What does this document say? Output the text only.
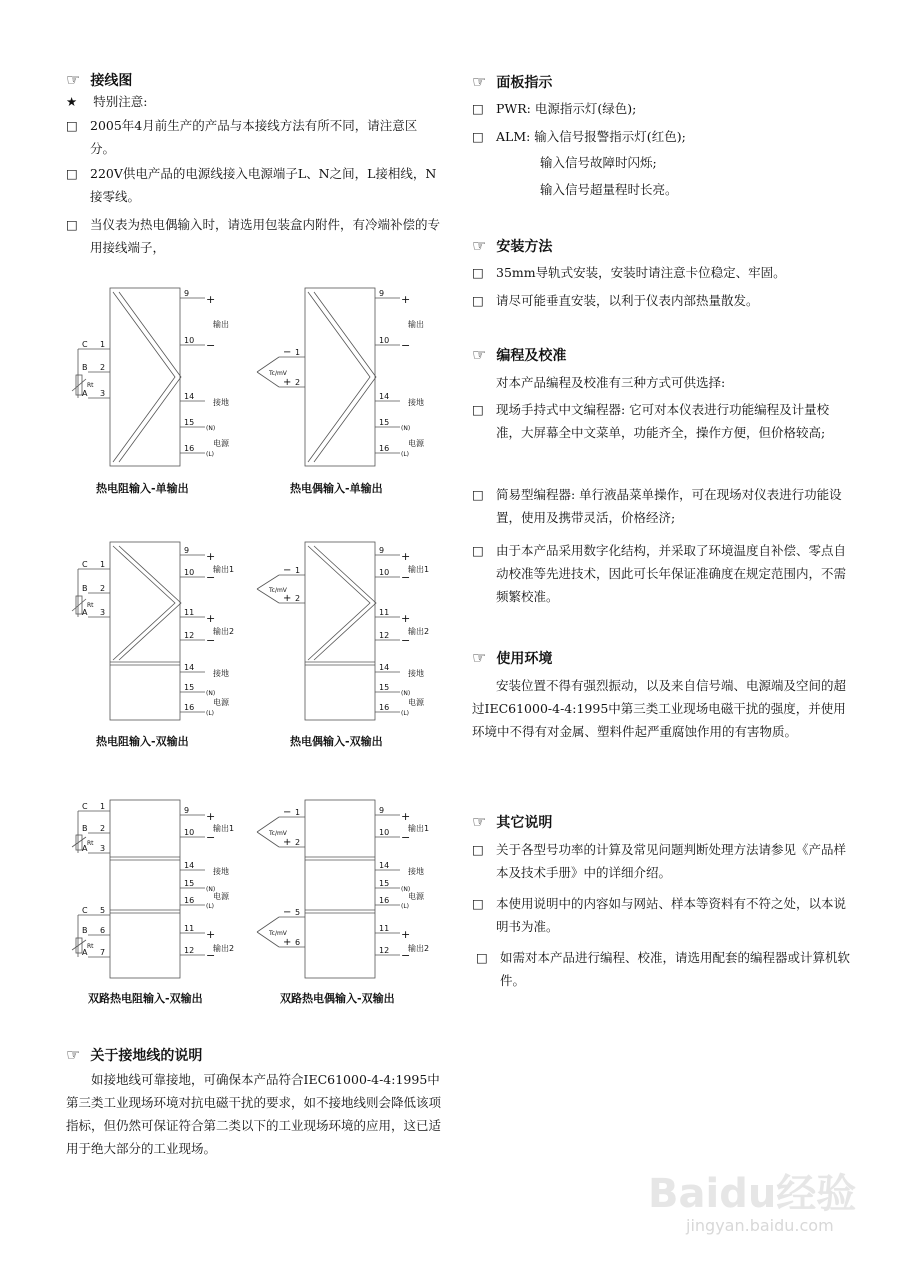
☞ 接线图
★ 特别注意:
□ 2005年4月前生产的产品与本接线方法有所不同，请注意区分。
□ 220V供电产品的电源线接入电源端子L、N之间，L接相线，N接零线。
□ 当仪表为热电偶输入时，请选用包装盒内附件，有冷端补偿的专用接线端子，
C 1
B 2
A 3
Rt
9
10
14
15
16
+
−
输出
接地
(N)
电源
(L)
热电阻输入-单输出
− 1
+ 2
Tc/mV
9
10
14
15
16
+
−
输出
接地
(N)
电源
(L)
热电偶输入-单输出
C 1
B 2
A 3
Rt
9
10
11
12
14
15
16
+
−
输出1
+
−
输出2
接地
(N)
电源
(L)
热电阻输入-双输出
− 1
+ 2
Tc/mV
9
10
11
12
14
15
16
+
−
输出1
+
−
输出2
接地
(N)
电源
(L)
热电偶输入-双输出
C 1
B 2
A 3
Rt
C 5
B 6
A 7
Rt
9
10
14
15
16
11
12
+
−
输出1
接地
(N)
电源
(L)
+
−
输出2
双路热电阻输入-双输出
− 1
+ 2
Tc/mV
− 5
+ 6
Tc/mV
9
10
14
15
16
11
12
+
−
输出1
接地
(N)
电源
(L)
+
−
输出2
双路热电偶输入-双输出
☞ 关于接地线的说明
如接地线可靠接地，可确保本产品符合IEC61000-4-4:1995中第三类工业现场环境对抗电磁干扰的要求，如不接地线则会降低该项指标，但仍然可保证符合第二类以下的工业现场环境的应用，这已适用于绝大部分的工业现场。
☞ 面板指示
□ PWR: 电源指示灯(绿色);
□ ALM: 输入信号报警指示灯(红色);
输入信号故障时闪烁;
输入信号超量程时长亮。
☞ 安装方法
□ 35mm导轨式安装，安装时请注意卡位稳定、牢固。
□ 请尽可能垂直安装，以利于仪表内部热量散发。
☞ 编程及校准
对本产品编程及校准有三种方式可供选择:
□ 现场手持式中文编程器: 它可对本仪表进行功能编程及计量校准，大屏幕全中文菜单，功能齐全，操作方便，但价格较高;
□ 简易型编程器: 单行液晶菜单操作，可在现场对仪表进行功能设置，使用及携带灵活，价格经济;
□ 由于本产品采用数字化结构，并采取了环境温度自补偿、零点自动校准等先进技术，因此可长年保证准确度在规定范围内，不需频繁校准。
☞ 使用环境
安装位置不得有强烈振动，以及来自信号端、电源端及空间的超过IEC61000-4-4:1995中第三类工业现场电磁干扰的强度，并使用环境中不得有对金属、塑料件起严重腐蚀作用的有害物质。
☞ 其它说明
□ 关于各型号功率的计算及常见问题判断处理方法请参见《产品样本及技术手册》中的详细介绍。
□ 本使用说明中的内容如与网站、样本等资料有不符之处，以本说明书为准。
□ 如需对本产品进行编程、校准，请选用配套的编程器或计算机软件。
Baidu经验
jingyan.baidu.com
